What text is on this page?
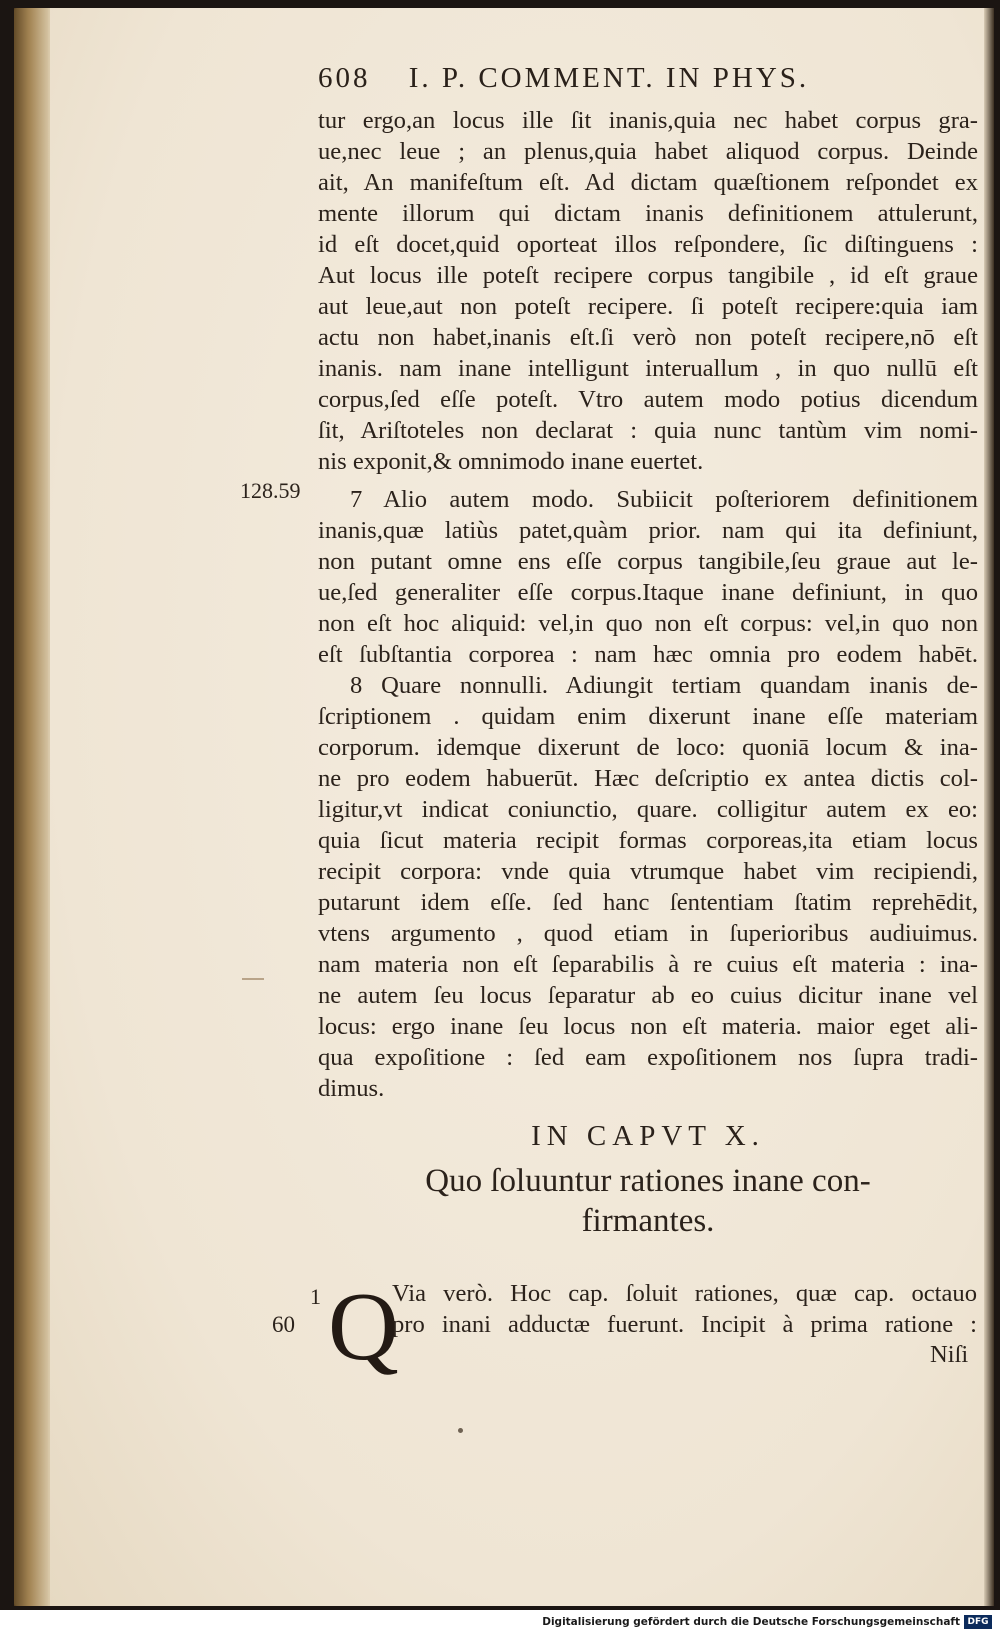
608 I. P. COMMENT. IN PHYS.
tur ergo,an locus ille ſit inanis,quia nec habet corpus gra-
ue,nec leue ; an plenus,quia habet aliquod corpus. Deinde
ait, An manifeſtum eſt. Ad dictam quæſtionem reſpondet ex
mente illorum qui dictam inanis definitionem attulerunt,
id eſt docet,quid oporteat illos reſpondere, ſic diſtinguens :
Aut locus ille poteſt recipere corpus tangibile , id eſt graue
aut leue,aut non poteſt recipere. ſi poteſt recipere:quia iam
actu non habet,inanis eſt.ſi verò non poteſt recipere,nō eſt
inanis. nam inane intelligunt interuallum , in quo nullū eſt
corpus,ſed eſſe poteſt. Vtro autem modo potius dicendum
ſit, Ariſtoteles non declarat : quia nunc tantùm vim nomi-
nis exponit,& omnimodo inane euertet.
128.59	7 Alio autem modo. Subiicit poſteriorem definitionem
inanis,quæ latiùs patet,quàm prior. nam qui ita definiunt,
non putant omne ens eſſe corpus tangibile,ſeu graue aut le-
ue,ſed generaliter eſſe corpus.Itaque inane definiunt, in quo
non eſt hoc aliquid: vel,in quo non eſt corpus: vel,in quo non
eſt ſubſtantia corporea : nam hæc omnia pro eodem habēt.
8 Quare nonnulli. Adiungit tertiam quandam inanis de-
ſcriptionem . quidam enim dixerunt inane eſſe materiam
corporum. idemque dixerunt de loco: quoniā locum & ina-
ne pro eodem habuerūt. Hæc deſcriptio ex antea dictis col-
ligitur,vt indicat coniunctio, quare. colligitur autem ex eo:
quia ſicut materia recipit formas corporeas,ita etiam locus
recipit corpora: vnde quia vtrumque habet vim recipiendi,
putarunt idem eſſe. ſed hanc ſententiam ſtatim reprehēdit,
vtens argumento , quod etiam in ſuperioribus audiuimus.
nam materia non eſt ſeparabilis à re cuius eſt materia : ina-
ne autem ſeu locus ſeparatur ab eo cuius dicitur inane vel
locus: ergo inane ſeu locus non eſt materia. maior eget ali-
qua expoſitione : ſed eam expoſitionem nos ſupra tradi-
dimus.
IN CAPVT X.
Quo ſoluuntur rationes inane con-
firmantes.
1 Q
Via verò. Hoc cap. ſoluit rationes, quæ cap. octauo
pro inani adductæ fuerunt. Incipit à prima ratione :
60
Niſi
Digitalisierung gefördert durch die Deutsche Forschungsgemeinschaft DFG
